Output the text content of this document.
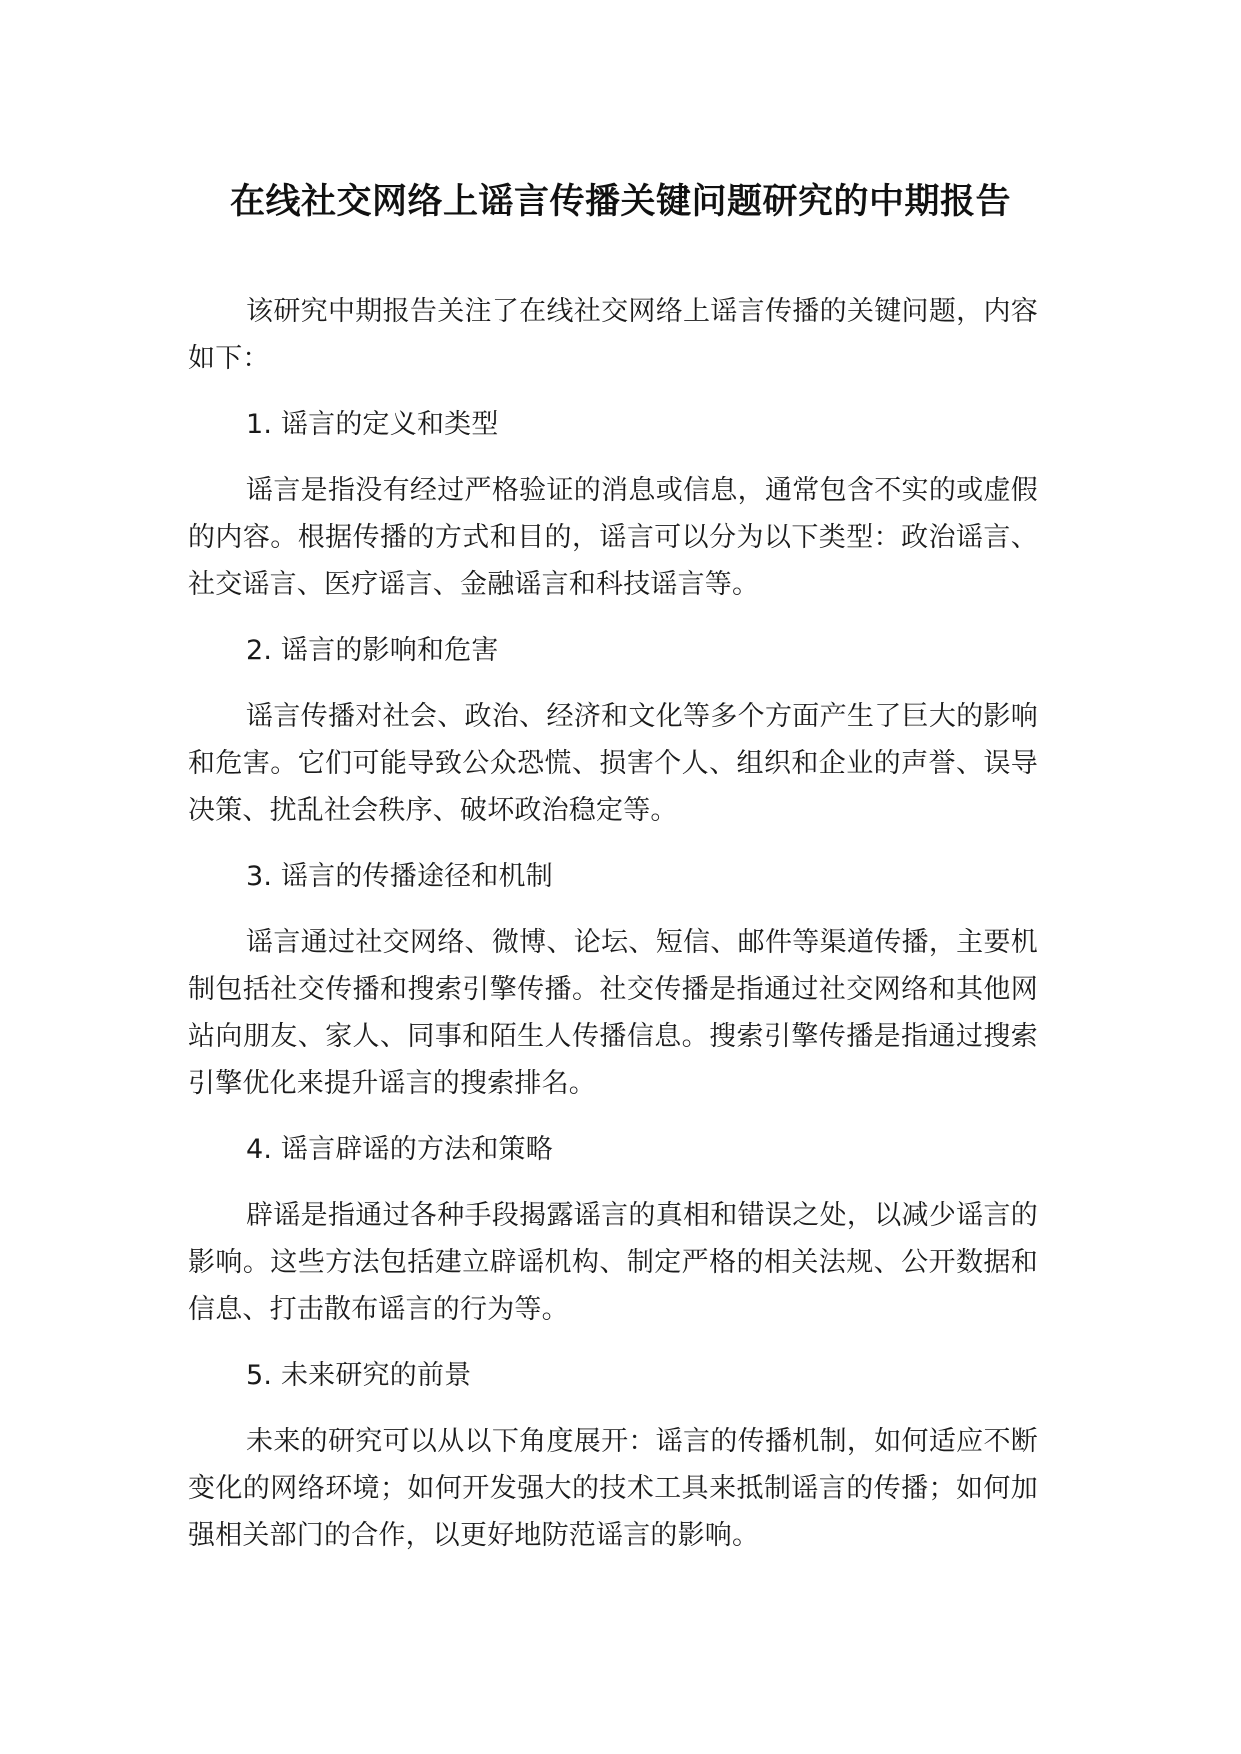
在线社交网络上谣言传播关键问题研究的中期报告

该研究中期报告关注了在线社交网络上谣言传播的关键问题，内容如下：

1. 谣言的定义和类型

谣言是指没有经过严格验证的消息或信息，通常包含不实的或虚假的内容。根据传播的方式和目的，谣言可以分为以下类型：政治谣言、社交谣言、医疗谣言、金融谣言和科技谣言等。

2. 谣言的影响和危害

谣言传播对社会、政治、经济和文化等多个方面产生了巨大的影响和危害。它们可能导致公众恐慌、损害个人、组织和企业的声誉、误导决策、扰乱社会秩序、破坏政治稳定等。

3. 谣言的传播途径和机制

谣言通过社交网络、微博、论坛、短信、邮件等渠道传播，主要机制包括社交传播和搜索引擎传播。社交传播是指通过社交网络和其他网站向朋友、家人、同事和陌生人传播信息。搜索引擎传播是指通过搜索引擎优化来提升谣言的搜索排名。

4. 谣言辟谣的方法和策略

辟谣是指通过各种手段揭露谣言的真相和错误之处，以减少谣言的影响。这些方法包括建立辟谣机构、制定严格的相关法规、公开数据和信息、打击散布谣言的行为等。

5. 未来研究的前景

未来的研究可以从以下角度展开：谣言的传播机制，如何适应不断变化的网络环境；如何开发强大的技术工具来抵制谣言的传播；如何加强相关部门的合作，以更好地防范谣言的影响。
